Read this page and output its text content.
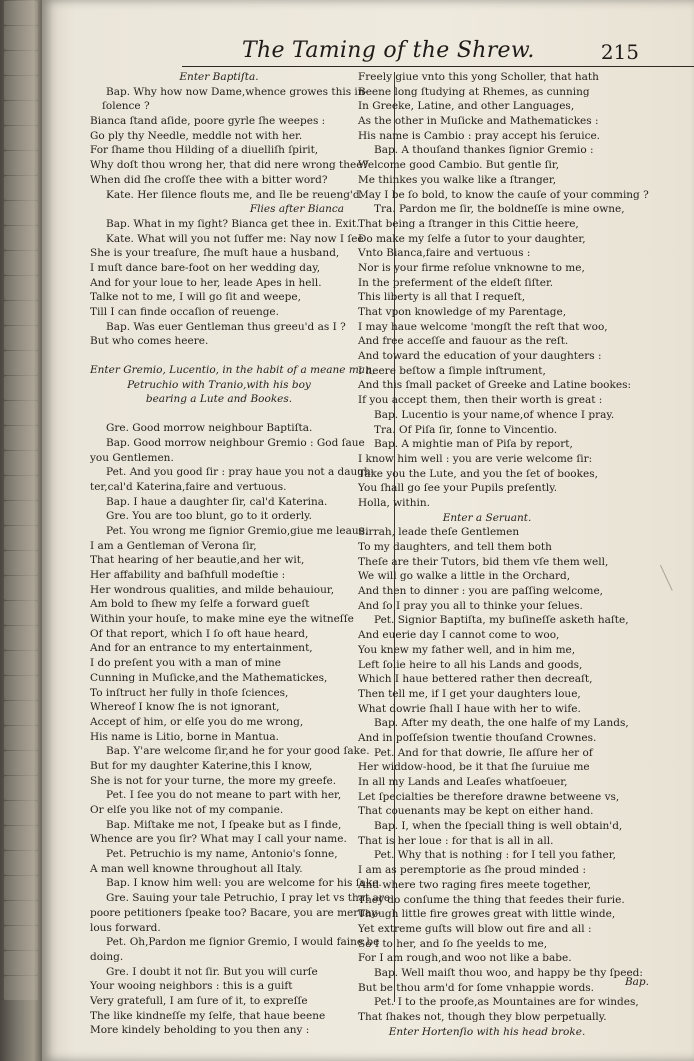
The Taming of the Shrew.	215
Bap.
Enter Baptiſta.
Bap. Why how now Dame,whence growes this in-
ſolence ?
Bianca ſtand aſide, poore gyrle ſhe weepes :
Go ply thy Needle, meddle not with her.
For ſhame thou Hilding of a diuelliſh ſpirit,
Why doſt thou wrong her, that did nere wrong thee?
When did ſhe croſſe thee with a bitter word?
Kate. Her ſilence flouts me, and Ile be reueng'd.
Flies after Bianca
Bap. What in my ſight? Bianca get thee in. Exit.
Kate. What will you not ſuffer me: Nay now I ſee
She is your treaſure, ſhe muſt haue a husband,
I muſt dance bare-foot on her wedding day,
And for your loue to her, leade Apes in hell.
Talke not to me, I will go ſit and weepe,
Till I can finde occaſion of reuenge.
Bap. Was euer Gentleman thus greeu'd as I ?
But who comes heere.
Enter Gremio, Lucentio, in the habit of a meane man,
Petruchio with Tranio,with his boy
bearing a Lute and Bookes.
Gre. Good morrow neighbour Baptiſta.
Bap. Good morrow neighbour Gremio : God ſaue
you Gentlemen.
Pet. And you good ſir : pray haue you not a daugh-
ter,cal'd Katerina,faire and vertuous.
Bap. I haue a daughter ſir, cal'd Katerina.
Gre. You are too blunt, go to it orderly.
Pet. You wrong me ſignior Gremio,giue me leaue.
I am a Gentleman of Verona ſir,
That hearing of her beautie,and her wit,
Her affability and baſhfull modeſtie :
Her wondrous qualities, and milde behauiour,
Am bold to ſhew my ſelfe a forward gueſt
Within your houſe, to make mine eye the witneſſe
Of that report, which I ſo oft haue heard,
And for an entrance to my entertainment,
I do preſent you with a man of mine
Cunning in Muſicke,and the Mathematickes,
To inſtruct her fully in thoſe ſciences,
Whereof I know ſhe is not ignorant,
Accept of him, or elſe you do me wrong,
His name is Litio, borne in Mantua.
Bap. Y'are welcome ſir,and he for your good ſake.
But for my daughter Katerine,this I know,
She is not for your turne, the more my greefe.
Pet. I ſee you do not meane to part with her,
Or elſe you like not of my companie.
Bap. Miſtake me not, I ſpeake but as I finde,
Whence are you ſir? What may I call your name.
Pet. Petruchio is my name, Antonio's ſonne,
A man well knowne throughout all Italy.
Bap. I know him well: you are welcome for his ſake.
Gre. Sauing your tale Petruchio, I pray let vs that are
poore petitioners ſpeake too? Bacare, you are meruay-
lous forward.
Pet. Oh,Pardon me ſignior Gremio, I would faine be
doing.
Gre. I doubt it not ſir. But you will curſe
Your wooing neighbors : this is a guift
Very gratefull, I am ſure of it, to expreſſe
The like kindneſſe my ſelfe, that haue beene
More kindely beholding to you then any :
Freely giue vnto this yong Scholler, that hath
Beene long ſtudying at Rhemes, as cunning
In Greeke, Latine, and other Languages,
As the other in Muſicke and Mathematickes :
His name is Cambio : pray accept his ſeruice.
Bap. A thouſand thankes ſignior Gremio :
Welcome good Cambio. But gentle ſir,
Me thinkes you walke like a ſtranger,
May I be ſo bold, to know the cauſe of your comming ?
Tra. Pardon me ſir, the boldneſſe is mine owne,
That being a ſtranger in this Cittie heere,
Do make my ſelfe a ſutor to your daughter,
Vnto Bianca,faire and vertuous :
Nor is your firme reſolue vnknowne to me,
In the preferment of the eldeſt ſiſter.
This liberty is all that I requeſt,
That vpon knowledge of my Parentage,
I may haue welcome 'mongſt the reſt that woo,
And free acceſſe and fauour as the reſt.
And toward the education of your daughters :
I heere beſtow a ſimple inſtrument,
And this ſmall packet of Greeke and Latine bookes:
If you accept them, then their worth is great :
Bap. Lucentio is your name,of whence I pray.
Tra. Of Piſa ſir, ſonne to Vincentio.
Bap. A mightie man of Piſa by report,
I know him well : you are verie welcome ſir:
Take you the Lute, and you the ſet of bookes,
You ſhall go ſee your Pupils preſently.
Holla, within.
Enter a Seruant.
Sirrah, leade theſe Gentlemen
To my daughters, and tell them both
Theſe are their Tutors, bid them vſe them well,
We will go walke a little in the Orchard,
And then to dinner : you are paſſing welcome,
And ſo I pray you all to thinke your ſelues.
Pet. Signior Baptiſta, my buſineſſe asketh haſte,
And euerie day I cannot come to woo,
You knew my father well, and in him me,
Left ſolie heire to all his Lands and goods,
Which I haue bettered rather then decreaſt,
Then tell me, if I get your daughters loue,
What dowrie ſhall I haue with her to wife.
Bap. After my death, the one halfe of my Lands,
And in poſſeſsion twentie thouſand Crownes.
Pet. And for that dowrie, Ile aſſure her of
Her widdow-hood, be it that ſhe ſuruiue me
In all my Lands and Leaſes whatſoeuer,
Let ſpecialties be therefore drawne betweene vs,
That couenants may be kept on either hand.
Bap. I, when the ſpeciall thing is well obtain'd,
That is her loue : for that is all in all.
Pet. Why that is nothing : for I tell you father,
I am as peremptorie as ſhe proud minded :
And where two raging fires meete together,
They do conſume the thing that feedes their furie.
Though little fire growes great with little winde,
Yet extreme guſts will blow out fire and all :
So I to her, and ſo ſhe yeelds to me,
For I am rough,and woo not like a babe.
Bap. Well maiſt thou woo, and happy be thy ſpeed:
But be thou arm'd for ſome vnhappie words.
Pet. I to the proofe,as Mountaines are for windes,
That ſhakes not, though they blow perpetually.
Enter Hortenſio with his head broke.
